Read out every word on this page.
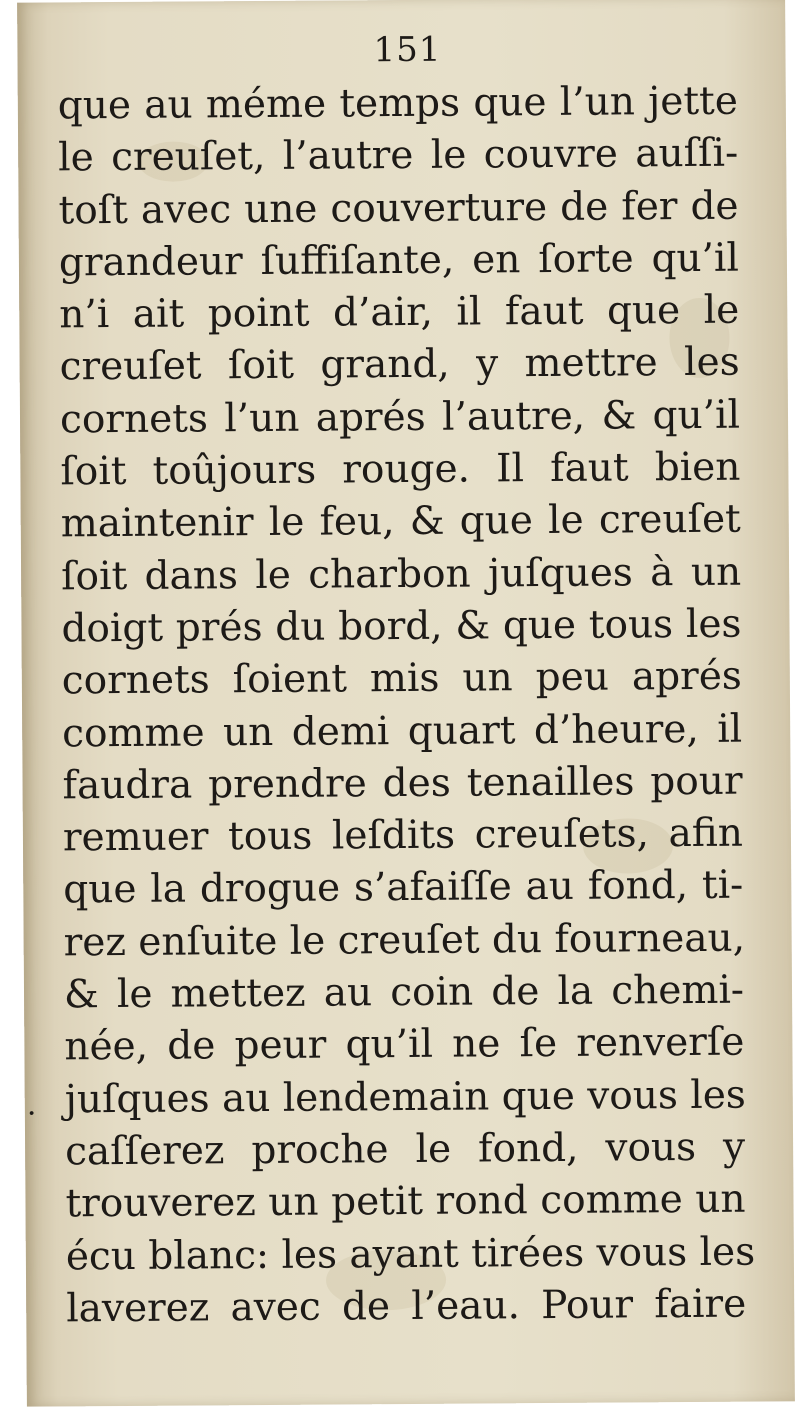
.
151
que au méme temps que l’un jette
le creuſet, l’autre le couvre auſſi-
toſt avec une couverture de fer de
grandeur ſuffiſante, en ſorte qu’il
n’i ait point d’air, il faut que le
creuſet ſoit grand, y mettre les
cornets l’un aprés l’autre, & qu’il
ſoit toûjours rouge. Il faut bien
maintenir le feu, & que le creuſet
ſoit dans le charbon juſques à un
doigt prés du bord, & que tous les
cornets ſoient mis un peu aprés
comme un demi quart d’heure, il
faudra prendre des tenailles pour
remuer tous leſdits creuſets, afin
que la drogue s’afaiſſe au fond, ti-
rez enſuite le creuſet du fourneau,
& le mettez au coin de la chemi-
née, de peur qu’il ne ſe renverſe
juſques au lendemain que vous les
caſſerez proche le fond, vous y
trouverez un petit rond comme un
écu blanc: les ayant tirées vous les
laverez avec de l’eau. Pour faire
